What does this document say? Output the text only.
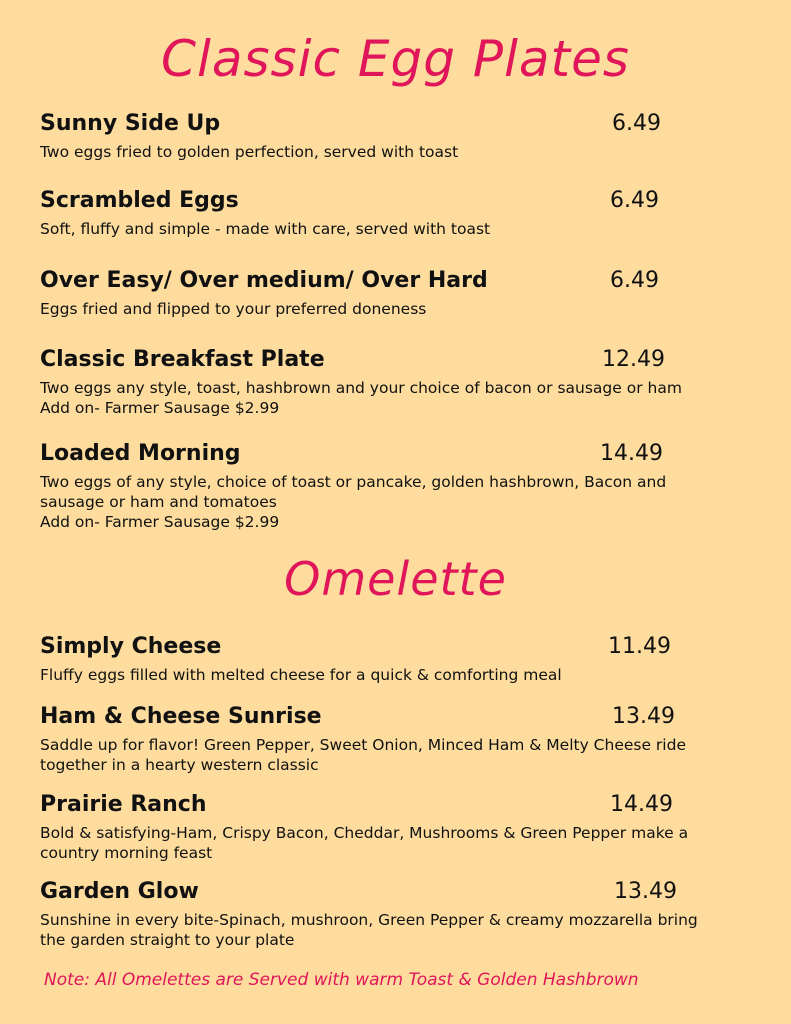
Classic Egg Plates
Sunny Side Up	6.49
Two eggs fried to golden perfection, served with toast
Scrambled Eggs	6.49
Soft, fluffy and simple - made with care, served with toast
Over Easy/ Over medium/ Over Hard	6.49
Eggs fried and flipped to your preferred doneness
Classic Breakfast Plate	12.49
Two eggs any style, toast, hashbrown and your choice of bacon or sausage or ham
Add on- Farmer Sausage $2.99
Loaded Morning	14.49
Two eggs of any style, choice of toast or pancake, golden hashbrown, Bacon and sausage or ham and tomatoes
Add on- Farmer Sausage $2.99
Omelette
Simply Cheese	11.49
Fluffy eggs filled with melted cheese for a quick & comforting meal
Ham & Cheese Sunrise	13.49
Saddle up for flavor! Green Pepper, Sweet Onion, Minced Ham & Melty Cheese ride together in a hearty western classic
Prairie Ranch	14.49
Bold & satisfying-Ham, Crispy Bacon, Cheddar, Mushrooms & Green Pepper make a country morning feast
Garden Glow	13.49
Sunshine in every bite-Spinach, mushroon, Green Pepper & creamy mozzarella bring the garden straight to your plate
Note: All Omelettes are Served with warm Toast & Golden Hashbrown
